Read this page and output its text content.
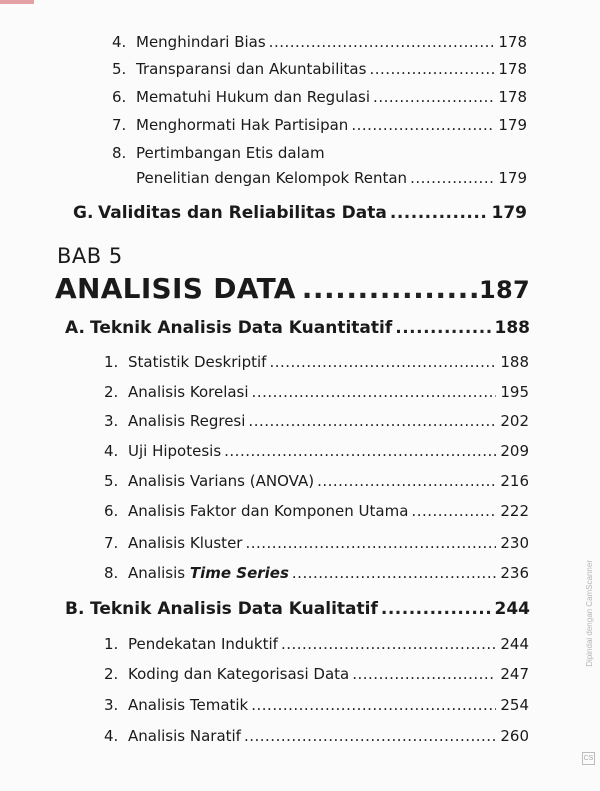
4. Menghindari Bias .....	178
5. Transparansi dan Akuntabilitas .....	178
6. Mematuhi Hukum dan Regulasi .....	178
7. Menghormati Hak Partisipan .....	179
8. Pertimbangan Etis dalam
Penelitian dengan Kelompok Rentan .....	179
G. Validitas dan Reliabilitas Data .....	179
BAB 5
ANALISIS DATA .....	187
A. Teknik Analisis Data Kuantitatif .....	188
1. Statistik Deskriptif .....	188
2. Analisis Korelasi .....	195
3. Analisis Regresi .....	202
4. Uji Hipotesis .....	209
5. Analisis Varians (ANOVA) .....	216
6. Analisis Faktor dan Komponen Utama .....	222
7. Analisis Kluster .....	230
8. Analisis Time Series .....	236
B. Teknik Analisis Data Kualitatif .....	244
1. Pendekatan Induktif .....	244
2. Koding dan Kategorisasi Data .....	247
3. Analisis Tematik .....	254
4. Analisis Naratif .....	260
Dipindai dengan CamScanner
CS
